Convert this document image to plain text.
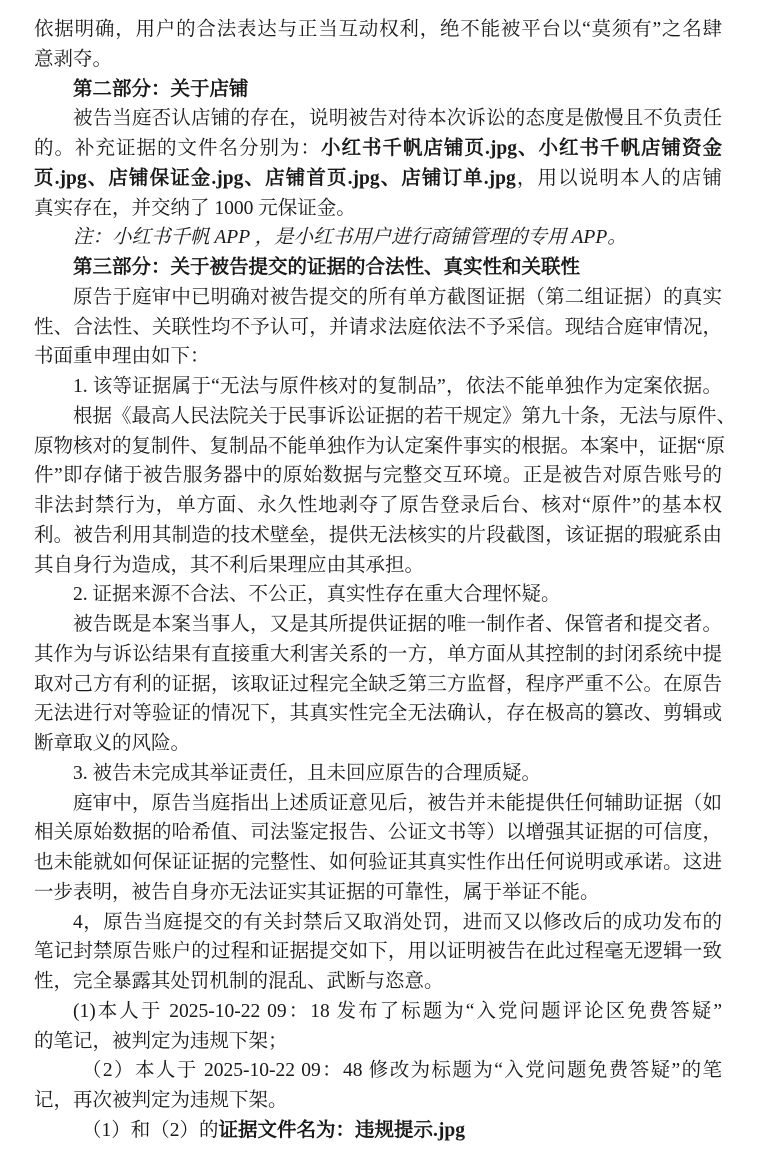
依据明确，用户的合法表达与正当互动权利，绝不能被平台以“莫须有”之名肆
意剥夺。
第二部分：关于店铺
被告当庭否认店铺的存在，说明被告对待本次诉讼的态度是傲慢且不负责任
的。补充证据的文件名分别为：小红书千帆店铺页.jpg、小红书千帆店铺资金
页.jpg、店铺保证金.jpg、店铺首页.jpg、店铺订单.jpg，用以说明本人的店铺
真实存在，并交纳了 1000 元保证金。
注：小红书千帆 APP ，是小红书用户进行商铺管理的专用 APP。
第三部分：关于被告提交的证据的合法性、真实性和关联性
原告于庭审中已明确对被告提交的所有单方截图证据（第二组证据）的真实
性、合法性、关联性均不予认可，并请求法庭依法不予采信。现结合庭审情况，
书面重申理由如下：
1. 该等证据属于“无法与原件核对的复制品”，依法不能单独作为定案依据。
根据《最高人民法院关于民事诉讼证据的若干规定》第九十条，无法与原件、
原物核对的复制件、复制品不能单独作为认定案件事实的根据。本案中，证据“原
件”即存储于被告服务器中的原始数据与完整交互环境。正是被告对原告账号的
非法封禁行为，单方面、永久性地剥夺了原告登录后台、核对“原件”的基本权
利。被告利用其制造的技术壁垒，提供无法核实的片段截图，该证据的瑕疵系由
其自身行为造成，其不利后果理应由其承担。
2. 证据来源不合法、不公正，真实性存在重大合理怀疑。
被告既是本案当事人，又是其所提供证据的唯一制作者、保管者和提交者。
其作为与诉讼结果有直接重大利害关系的一方，单方面从其控制的封闭系统中提
取对己方有利的证据，该取证过程完全缺乏第三方监督，程序严重不公。在原告
无法进行对等验证的情况下，其真实性完全无法确认，存在极高的篡改、剪辑或
断章取义的风险。
3. 被告未完成其举证责任，且未回应原告的合理质疑。
庭审中，原告当庭指出上述质证意见后，被告并未能提供任何辅助证据（如
相关原始数据的哈希值、司法鉴定报告、公证文书等）以增强其证据的可信度，
也未能就如何保证证据的完整性、如何验证其真实性作出任何说明或承诺。这进
一步表明，被告自身亦无法证实其证据的可靠性，属于举证不能。
4，原告当庭提交的有关封禁后又取消处罚，进而又以修改后的成功发布的
笔记封禁原告账户的过程和证据提交如下，用以证明被告在此过程毫无逻辑一致
性，完全暴露其处罚机制的混乱、武断与恣意。
(1)本人于 2025-10-22 09：18 发布了标题为“入党问题评论区免费答疑”
的笔记，被判定为违规下架；
（2）本人于 2025-10-22 09：48 修改为标题为“入党问题免费答疑”的笔
记，再次被判定为违规下架。
（1）和（2）的证据文件名为：违规提示.jpg
